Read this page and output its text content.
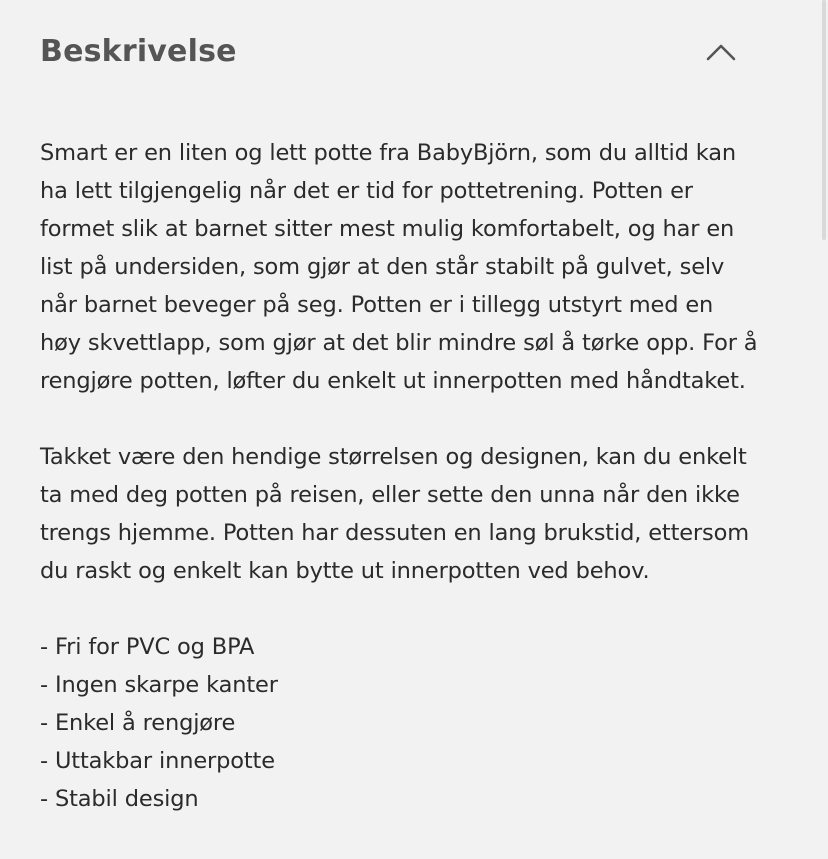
Beskrivelse

Smart er en liten og lett potte fra BabyBjörn, som du alltid kan
ha lett tilgjengelig når det er tid for pottetrening. Potten er
formet slik at barnet sitter mest mulig komfortabelt, og har en
list på undersiden, som gjør at den står stabilt på gulvet, selv
når barnet beveger på seg. Potten er i tillegg utstyrt med en
høy skvettlapp, som gjør at det blir mindre søl å tørke opp. For å
rengjøre potten, løfter du enkelt ut innerpotten med håndtaket.

Takket være den hendige størrelsen og designen, kan du enkelt
ta med deg potten på reisen, eller sette den unna når den ikke
trengs hjemme. Potten har dessuten en lang brukstid, ettersom
du raskt og enkelt kan bytte ut innerpotten ved behov.

- Fri for PVC og BPA
- Ingen skarpe kanter
- Enkel å rengjøre
- Uttakbar innerpotte
- Stabil design
